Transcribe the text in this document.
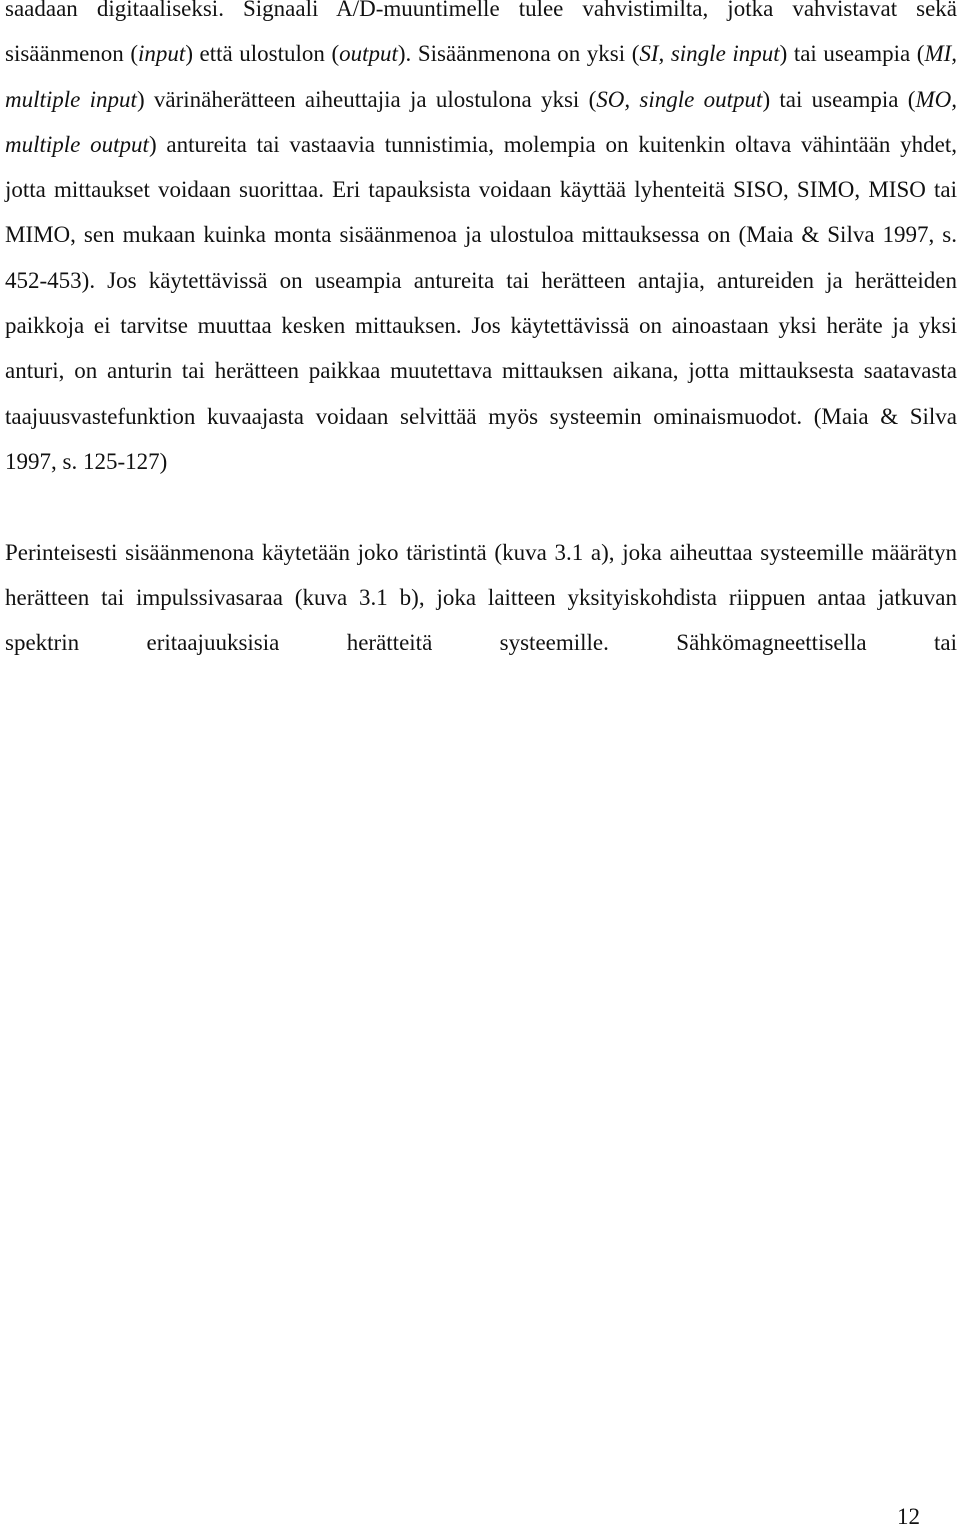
saadaan digitaaliseksi. Signaali A/D-muuntimelle tulee vahvistimilta, jotka vahvistavat sekä sisäänmenon (input) että ulostulon (output). Sisäänmenona on yksi (SI, single input) tai useampia (MI, multiple input) värinäherätteen aiheuttajia ja ulostulona yksi (SO, single output) tai useampia (MO, multiple output) antureita tai vastaavia tunnistimia, molempia on kuitenkin oltava vähintään yhdet, jotta mittaukset voidaan suorittaa. Eri tapauksista voidaan käyttää lyhenteitä SISO, SIMO, MISO tai MIMO, sen mukaan kuinka monta sisäänmenoa ja ulostuloa mittauksessa on (Maia & Silva 1997, s. 452-453). Jos käytettävissä on useampia antureita tai herätteen antajia, antureiden ja herätteiden paikkoja ei tarvitse muuttaa kesken mittauksen. Jos käytettävissä on ainoastaan yksi heräte ja yksi anturi, on anturin tai herätteen paikkaa muutettava mittauksen aikana, jotta mittauksesta saatavasta taajuusvastefunktion kuvaajasta voidaan selvittää myös systeemin ominaismuodot. (Maia & Silva 1997, s. 125-127)

Perinteisesti sisäänmenona käytetään joko täristintä (kuva 3.1 a), joka aiheuttaa systeemille määrätyn herätteen tai impulssivasaraa (kuva 3.1 b), joka laitteen yksityiskohdista riippuen antaa jatkuvan spektrin eritaajuuksisia herätteitä systeemille. Sähkömagneettisella tai

12
